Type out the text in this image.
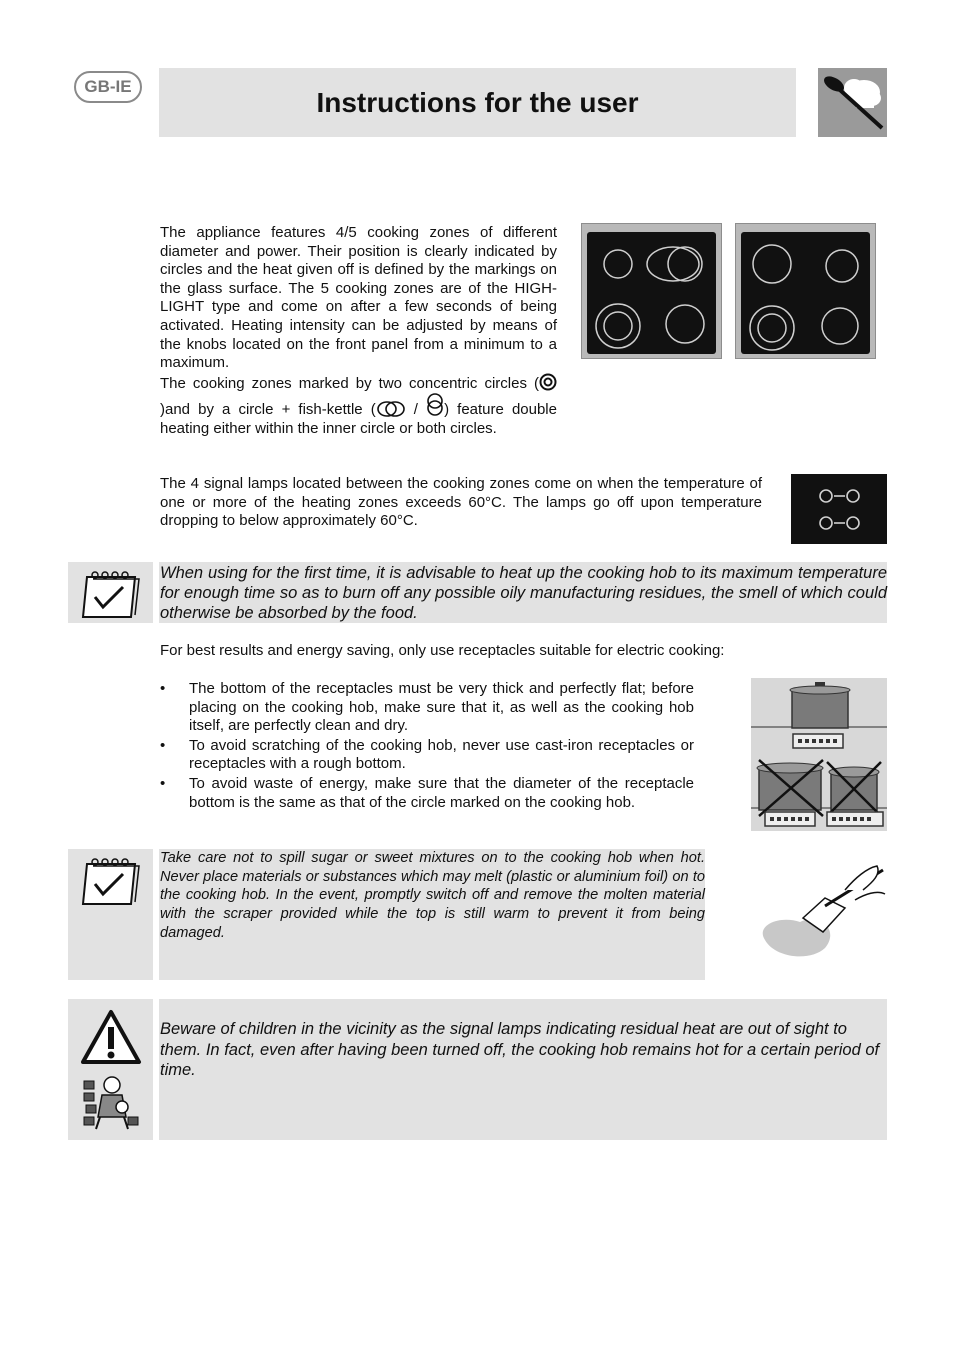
GB-IE	Instructions for the user

The appliance features 4/5 cooking zones of different diameter and power. Their position is clearly indicated by circles and the heat given off is defined by the markings on the glass surface. The 5 cooking zones are of the HIGH-LIGHT type and come on after a few seconds of being activated. Heating intensity can be adjusted by means of the knobs located on the front panel from a minimum to a maximum.

The cooking zones marked by two concentric circles (
)and by a circle + fish-kettle (
/
) feature double heating either within the inner circle or both circles.

The 4 signal lamps located between the cooking zones come on when the temperature of one or more of the heating zones exceeds 60°C. The lamps go off upon temperature dropping to below approximately 60°C.

When using for the first time, it is advisable to heat up the cooking hob to its maximum temperature for enough time so as to burn off any possible oily manufacturing residues, the smell of which could otherwise be absorbed by the food.

For best results and energy saving, only use receptacles suitable for electric cooking:

• The bottom of the receptacles must be very thick and perfectly flat; before placing on the cooking hob, make sure that it, as well as the cooking hob itself, are perfectly clean and dry.
• To avoid scratching of the cooking hob, never use cast-iron receptacles or receptacles with a rough bottom.
• To avoid waste of energy, make sure that the diameter of the receptacle bottom is the same as that of the circle marked on the cooking hob.

Take care not to spill sugar or sweet mixtures on to the cooking hob when hot. Never place materials or substances which may melt (plastic or aluminium foil) on to the cooking hob. In the event, promptly switch off and remove the molten material with the scraper provided while the top is still warm to prevent it from being damaged.

Beware of children in the vicinity as the signal lamps indicating residual heat are out of sight to them. In fact, even after having been turned off, the cooking hob remains hot for a certain period of time.
